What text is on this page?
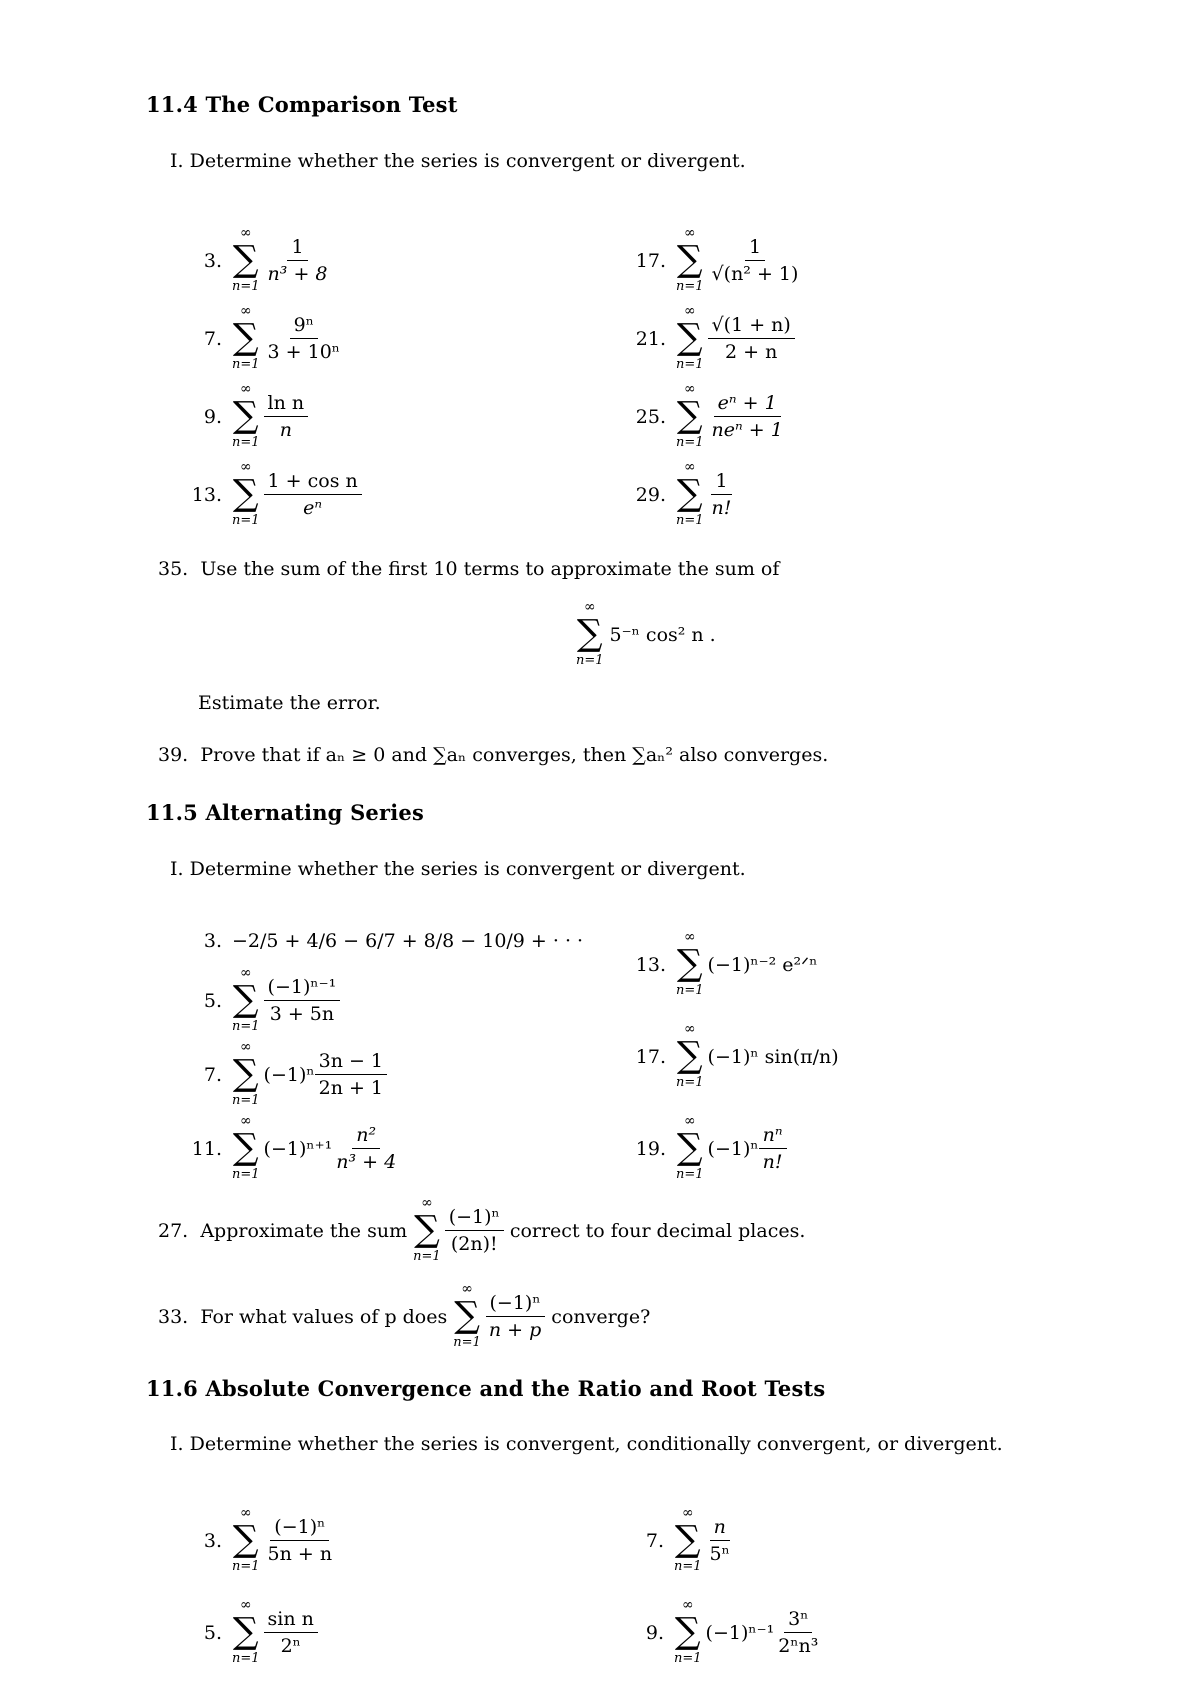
11.4 The Comparison Test
I. Determine whether the series is convergent or divergent.
3.
∞
∑
n=1
$\frac{1}{\text{n³ + 8}}$
7.
∞
∑
n=1
$\frac{\text{9ⁿ}}{\text{3 + 10ⁿ}}$
9.
∞
∑
n=1
$\frac{\text{ln n}}{n}$
13.
∞
∑
n=1
$\frac{\text{1 + cos n}}{\text{eⁿ}}$
17.
∞
∑
n=1
$\frac{1}{\text{√(n² + 1)}}$
21.
∞
∑
n=1
$\frac{√(1 + n)}{2 + n}$
25.
∞
∑
n=1
$\frac{\text{eⁿ + 1}}{\text{neⁿ + 1}}$
29.
∞
∑
n=1
$\frac{1}{n!}$
35. Use the sum of the first 10 terms to approximate the sum of
∞
∑
n=1
5⁻ⁿ cos² n .
Estimate the error.
39. Prove that if aₙ ≥ 0 and ∑aₙ converges, then ∑aₙ² also converges.
11.5 Alternating Series
I. Determine whether the series is convergent or divergent.
3. −2/5 + 4/6 − 6/7 + 8/8 − 10/9 + · · ·
5.
∞
∑
n=1
$\frac{\text{(−1)ⁿ⁻¹}}{3 + 5n}$
7.
∞
∑
n=1
$(-1)^n \frac{3n - 1}{2n + 1}$
11.
∞
∑
n=1
$(-1)^{n+1} \frac{\text{n²}}{\text{n³ + 4}}$
13.
∞
∑
n=1
(−1)ⁿ⁻² e²ᐟⁿ
17.
∞
∑
n=1
(−1)ⁿ sin(π/n)
19.
∞
∑
n=1
$(-1)^n \frac{\text{nⁿ}}{n!}$
27.
Approximate the sum

∞
∑
n=1
$\frac{\text{(−1)ⁿ}}{(2n)!}$
correct to four decimal places.
33.
For what values of p does

∞
∑
n=1
$\frac{\text{(−1)ⁿ}}{n + p}$
converge?
11.6 Absolute Convergence and the Ratio and Root Tests
I. Determine whether the series is convergent, conditionally convergent, or divergent.
3.
∞
∑
n=1
$\frac{\text{(−1)ⁿ}}{5n + n}$
5.
∞
∑
n=1
$\frac{\text{sin n}}{\text{2ⁿ}}$
7.
∞
∑
n=1
$\frac{n}{\text{5ⁿ}}$
9.
∞
∑
n=1
$(-1)^{n-1} \frac{\text{3ⁿ}}{\text{2ⁿn³}}$
